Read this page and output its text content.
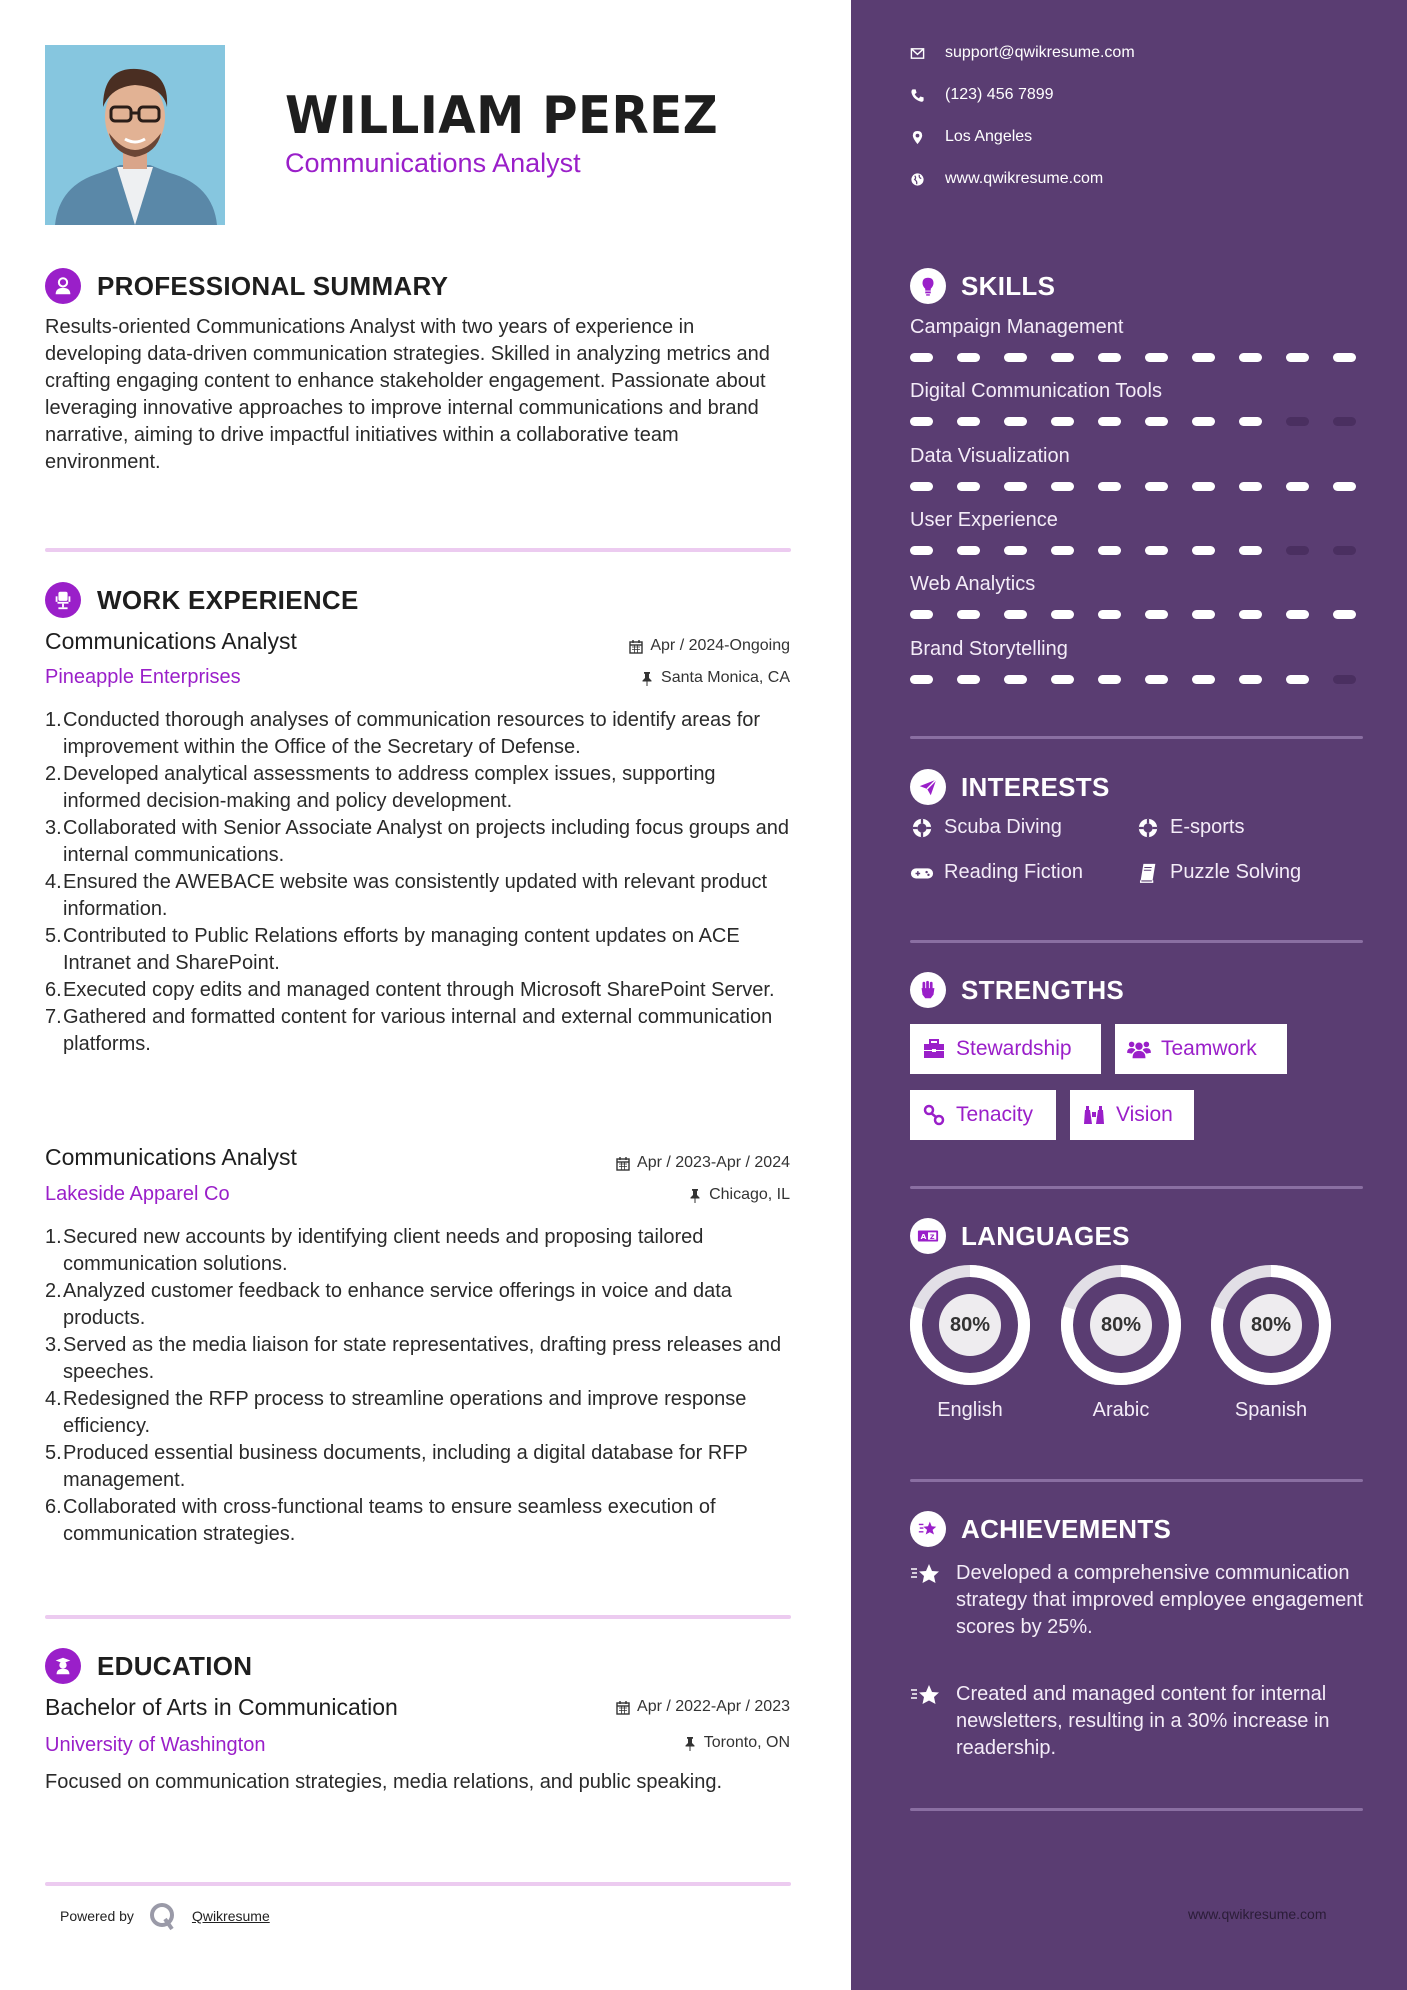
WILLIAM PEREZ
Communications Analyst
PROFESSIONAL SUMMARY
Results-oriented Communications Analyst with two years of experience in developing data-driven communication strategies. Skilled in analyzing metrics and crafting engaging content to enhance stakeholder engagement. Passionate about leveraging innovative approaches to improve internal communications and brand narrative, aiming to drive impactful initiatives within a collaborative team environment.
WORK EXPERIENCE
Communications Analyst	Apr / 2024-Ongoing
Pineapple Enterprises	Santa Monica, CA
1. Conducted thorough analyses of communication resources to identify areas for improvement within the Office of the Secretary of Defense.
2. Developed analytical assessments to address complex issues, supporting informed decision-making and policy development.
3. Collaborated with Senior Associate Analyst on projects including focus groups and internal communications.
4. Ensured the AWEBACE website was consistently updated with relevant product information.
5. Contributed to Public Relations efforts by managing content updates on ACE Intranet and SharePoint.
6. Executed copy edits and managed content through Microsoft SharePoint Server.
7. Gathered and formatted content for various internal and external communication platforms.
Communications Analyst	Apr / 2023-Apr / 2024
Lakeside Apparel Co	Chicago, IL
1. Secured new accounts by identifying client needs and proposing tailored communication solutions.
2. Analyzed customer feedback to enhance service offerings in voice and data products.
3. Served as the media liaison for state representatives, drafting press releases and speeches.
4. Redesigned the RFP process to streamline operations and improve response efficiency.
5. Produced essential business documents, including a digital database for RFP management.
6. Collaborated with cross-functional teams to ensure seamless execution of communication strategies.
EDUCATION
Bachelor of Arts in Communication	Apr / 2022-Apr / 2023
University of Washington	Toronto, ON
Focused on communication strategies, media relations, and public speaking.
Powered by	Qwikresume
support@qwikresume.com
(123) 456 7899
Los Angeles
www.qwikresume.com
SKILLS
Campaign Management
Digital Communication Tools
Data Visualization
User Experience
Web Analytics
Brand Storytelling
INTERESTS
Scuba Diving	E-sports
Reading Fiction	Puzzle Solving
STRENGTHS
Stewardship	Teamwork
Tenacity	Vision
A Z LANGUAGES
80%
English
80%
Arabic
80%
Spanish
ACHIEVEMENTS
Developed a comprehensive communication strategy that improved employee engagement scores by 25%.
Created and managed content for internal newsletters, resulting in a 30% increase in readership.
www.qwikresume.com
